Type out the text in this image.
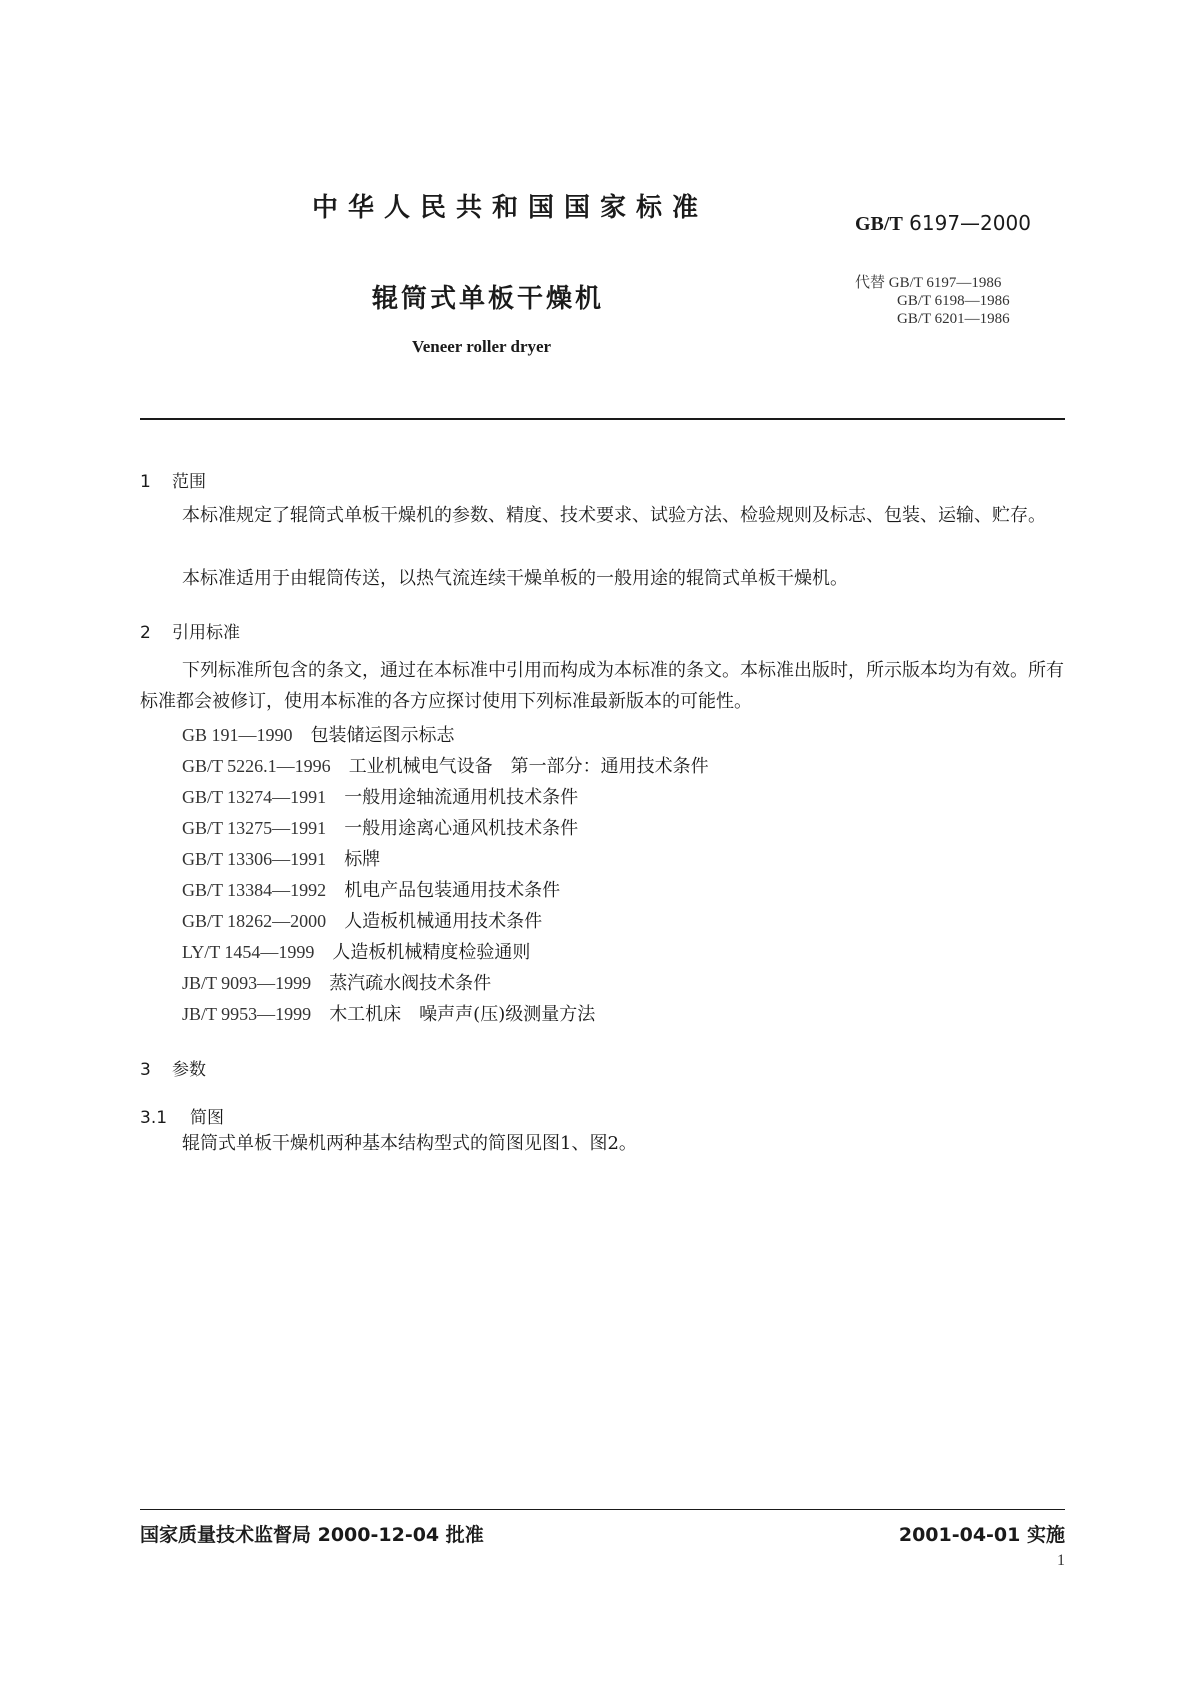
中华人民共和国国家标准
GB/T 6197—2000
辊筒式单板干燥机
Veneer roller dryer
代替 GB/T 6197—1986
GB/T 6198—1986
GB/T 6201—1986
1 范围
本标准规定了辊筒式单板干燥机的参数、精度、技术要求、试验方法、检验规则及标志、包装、运输、贮存。
本标准适用于由辊筒传送，以热气流连续干燥单板的一般用途的辊筒式单板干燥机。
2 引用标准
下列标准所包含的条文，通过在本标准中引用而构成为本标准的条文。本标准出版时，所示版本均为有效。所有标准都会被修订，使用本标准的各方应探讨使用下列标准最新版本的可能性。
GB 191—1990 包装储运图示标志
GB/T 5226.1—1996 工业机械电气设备　第一部分：通用技术条件
GB/T 13274—1991 一般用途轴流通用机技术条件
GB/T 13275—1991 一般用途离心通风机技术条件
GB/T 13306—1991 标牌
GB/T 13384—1992 机电产品包装通用技术条件
GB/T 18262—2000 人造板机械通用技术条件
LY/T 1454—1999 人造板机械精度检验通则
JB/T 9093—1999 蒸汽疏水阀技术条件
JB/T 9953—1999 木工机床　噪声声(压)级测量方法
3 参数
3.1 简图
辊筒式单板干燥机两种基本结构型式的简图见图1、图2。
国家质量技术监督局 2000-12-04 批准	2001-04-01 实施
1
